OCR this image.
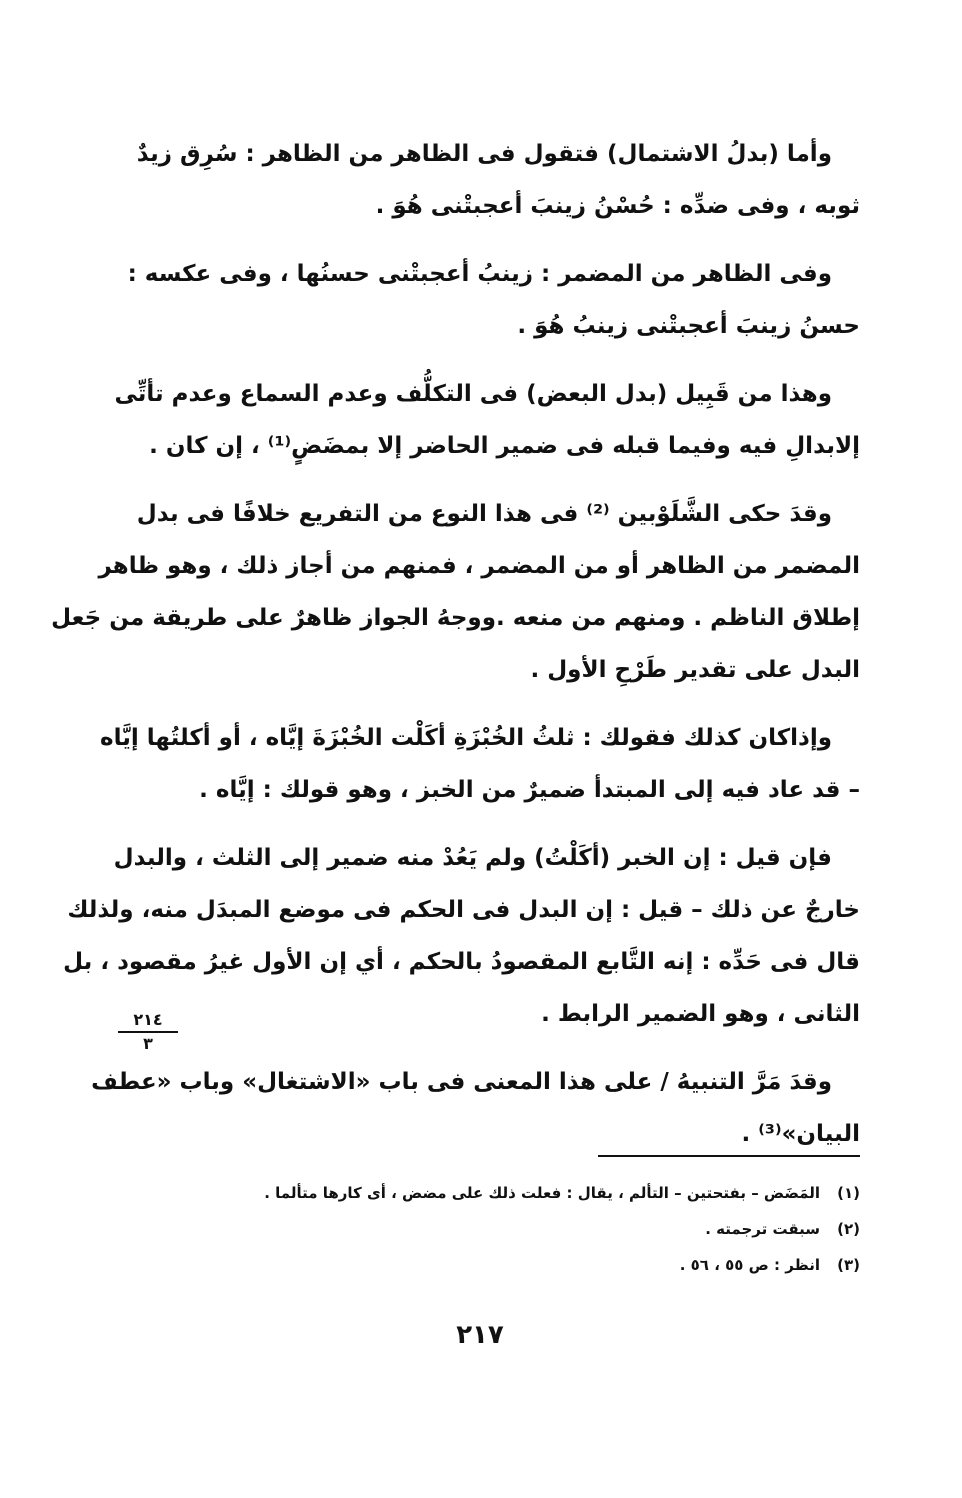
وأما (بدلُ الاشتمال) فتقول فى الظاهر من الظاهر : سُرِق زيدٌ
ثوبه ، وفى ضدِّه : حُسْنُ زينبَ أعجبتْنى هُوَ .
وفى الظاهر من المضمر : زينبُ أعجبتْنى حسنُها ، وفى عكسه :
حسنُ زينبَ أعجبتْنى زينبُ هُوَ .
وهذا من قَبِيل (بدل البعض) فى التكلُّف وعدم السماع وعدم تأتِّى
إلابدالِ فيه وفيما قبله فى ضمير الحاضر إلا بمضَضٍ⁽¹⁾ ، إن كان .
وقدَ حكى الشَّلَوْبين ⁽²⁾ فى هذا النوع من التفريع خلافًا فى بدل
المضمر من الظاهر أو من المضمر ، فمنهم من أجاز ذلك ، وهو ظاهر
إطلاق الناظم . ومنهم من منعه .ووجهُ الجواز ظاهرٌ على طريقة من جَعل
البدل على تقدير طَرْحِ الأول .
وإذاكان كذلك فقولك : ثلثُ الخُبْزَةِ أكَلْت الخُبْزَةَ إيَّاه ، أو أكلتُها إيَّاه
– قد عاد فيه إلى المبتدأ ضميرٌ من الخبز ، وهو قولك : إيَّاه .
فإن قيل : إن الخبر (أكَلْتُ) ولم يَعُدْ منه ضمير إلى الثلث ، والبدل
خارجٌ عن ذلك – قيل : إن البدل فى الحكم فى موضع المبدَل منه، ولذلك
قال فى حَدِّه : إنه التَّابع المقصودُ بالحكم ، أي إن الأول غيرُ مقصود ، بل
الثانى ، وهو الضمير الرابط .
وقدَ مَرَّ التنبيهُ / على هذا المعنى فى باب «الاشتغال» وباب «عطف
البيان»⁽³⁾ .
٢١٤
٣
(١)
المَضَض – بفتحتين – التألم ، يقال : فعلت ذلك على مضض ، أى كارها متألما .
(٢)
سبقت ترجمته .
(٣)
انظر : ص ٥٥ ، ٥٦ .
٢١٧
